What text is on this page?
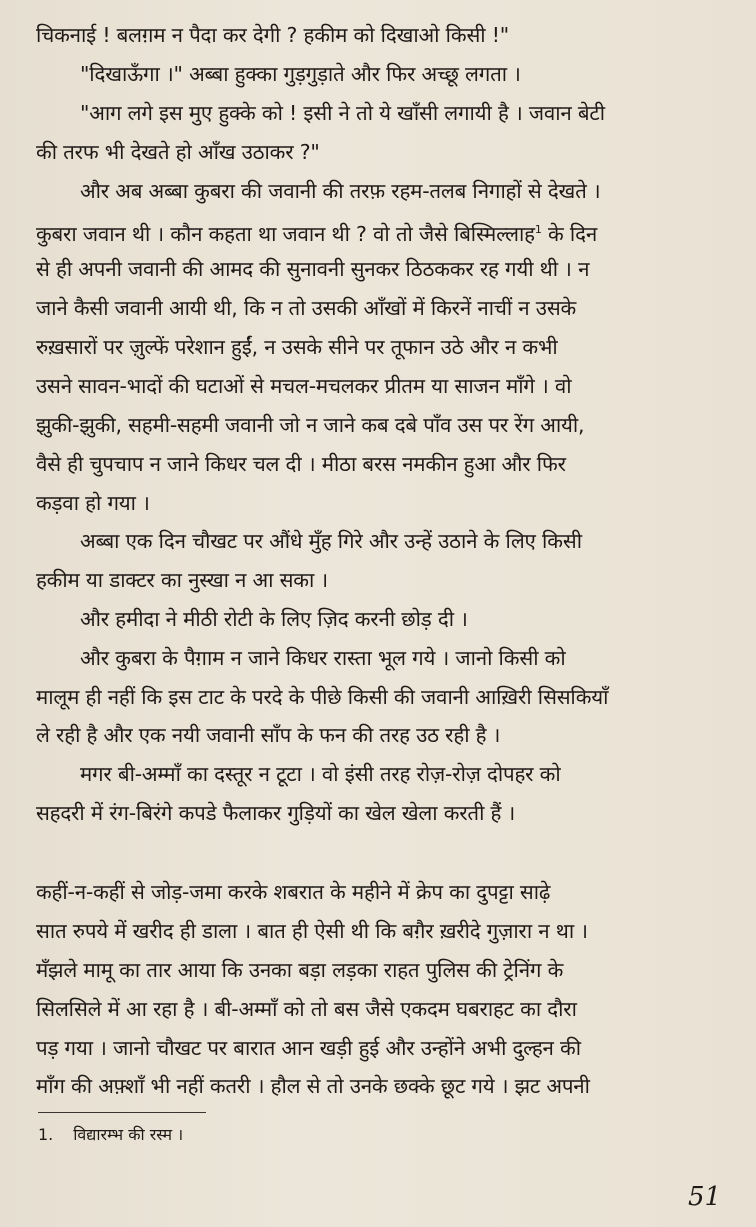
चिकनाई ! बलग़म न पैदा कर देगी ? हकीम को दिखाओ किसी !"
"दिखाऊँगा ।" अब्बा हुक्का गुड़गुड़ाते और फिर अच्छू लगता ।
"आग लगे इस मुए हुक्के को ! इसी ने तो ये खाँसी लगायी है । जवान बेटी
की तरफ भी देखते हो आँख उठाकर ?"
और अब अब्बा कुबरा की जवानी की तरफ़ रहम-तलब निगाहों से देखते ।
कुबरा जवान थी । कौन कहता था जवान थी ? वो तो जैसे बिस्मिल्लाह$^1$ के दिन
से ही अपनी जवानी की आमद की सुनावनी सुनकर ठिठककर रह गयी थी । न
जाने कैसी जवानी आयी थी, कि न तो उसकी आँखों में किरनें नाचीं न उसके
रुख़सारों पर ज़ुल्फें परेशान हुईं, न उसके सीने पर तूफान उठे और न कभी
उसने सावन-भादों की घटाओं से मचल-मचलकर प्रीतम या साजन माँगे । वो
झुकी-झुकी, सहमी-सहमी जवानी जो न जाने कब दबे पाँव उस पर रेंग आयी,
वैसे ही चुपचाप न जाने किधर चल दी । मीठा बरस नमकीन हुआ और फिर
कड़वा हो गया ।
अब्बा एक दिन चौखट पर औंधे मुँह गिरे और उन्हें उठाने के लिए किसी
हकीम या डाक्टर का नुस्खा न आ सका ।
और हमीदा ने मीठी रोटी के लिए ज़िद करनी छोड़ दी ।
और कुबरा के पैग़ाम न जाने किधर रास्ता भूल गये । जानो किसी को
मालूम ही नहीं कि इस टाट के परदे के पीछे किसी की जवानी आख़िरी सिसकियाँ
ले रही है और एक नयी जवानी साँप के फन की तरह उठ रही है ।
मगर बी-अम्माँ का दस्तूर न टूटा । वो इंसी तरह रोज़-रोज़ दोपहर को
सहदरी में रंग-बिरंगे कपडे फैलाकर गुड़ियों का खेल खेला करती हैं ।
कहीं-न-कहीं से जोड़-जमा करके शबरात के महीने में क्रेप का दुपट्टा साढ़े
सात रुपये में खरीद ही डाला । बात ही ऐसी थी कि बग़ैर ख़रीदे गुज़ारा न था ।
मँझले मामू का तार आया कि उनका बड़ा लड़का राहत पुलिस की ट्रेनिंग के
सिलसिले में आ रहा है । बी-अम्माँ को तो बस जैसे एकदम घबराहट का दौरा
पड़ गया । जानो चौखट पर बारात आन खड़ी हुई और उन्होंने अभी दुल्हन की
माँग की अफ़्शाँ भी नहीं कतरी । हौल से तो उनके छक्के छूट गये । झट अपनी
1. विद्यारम्भ की रस्म ।
51
